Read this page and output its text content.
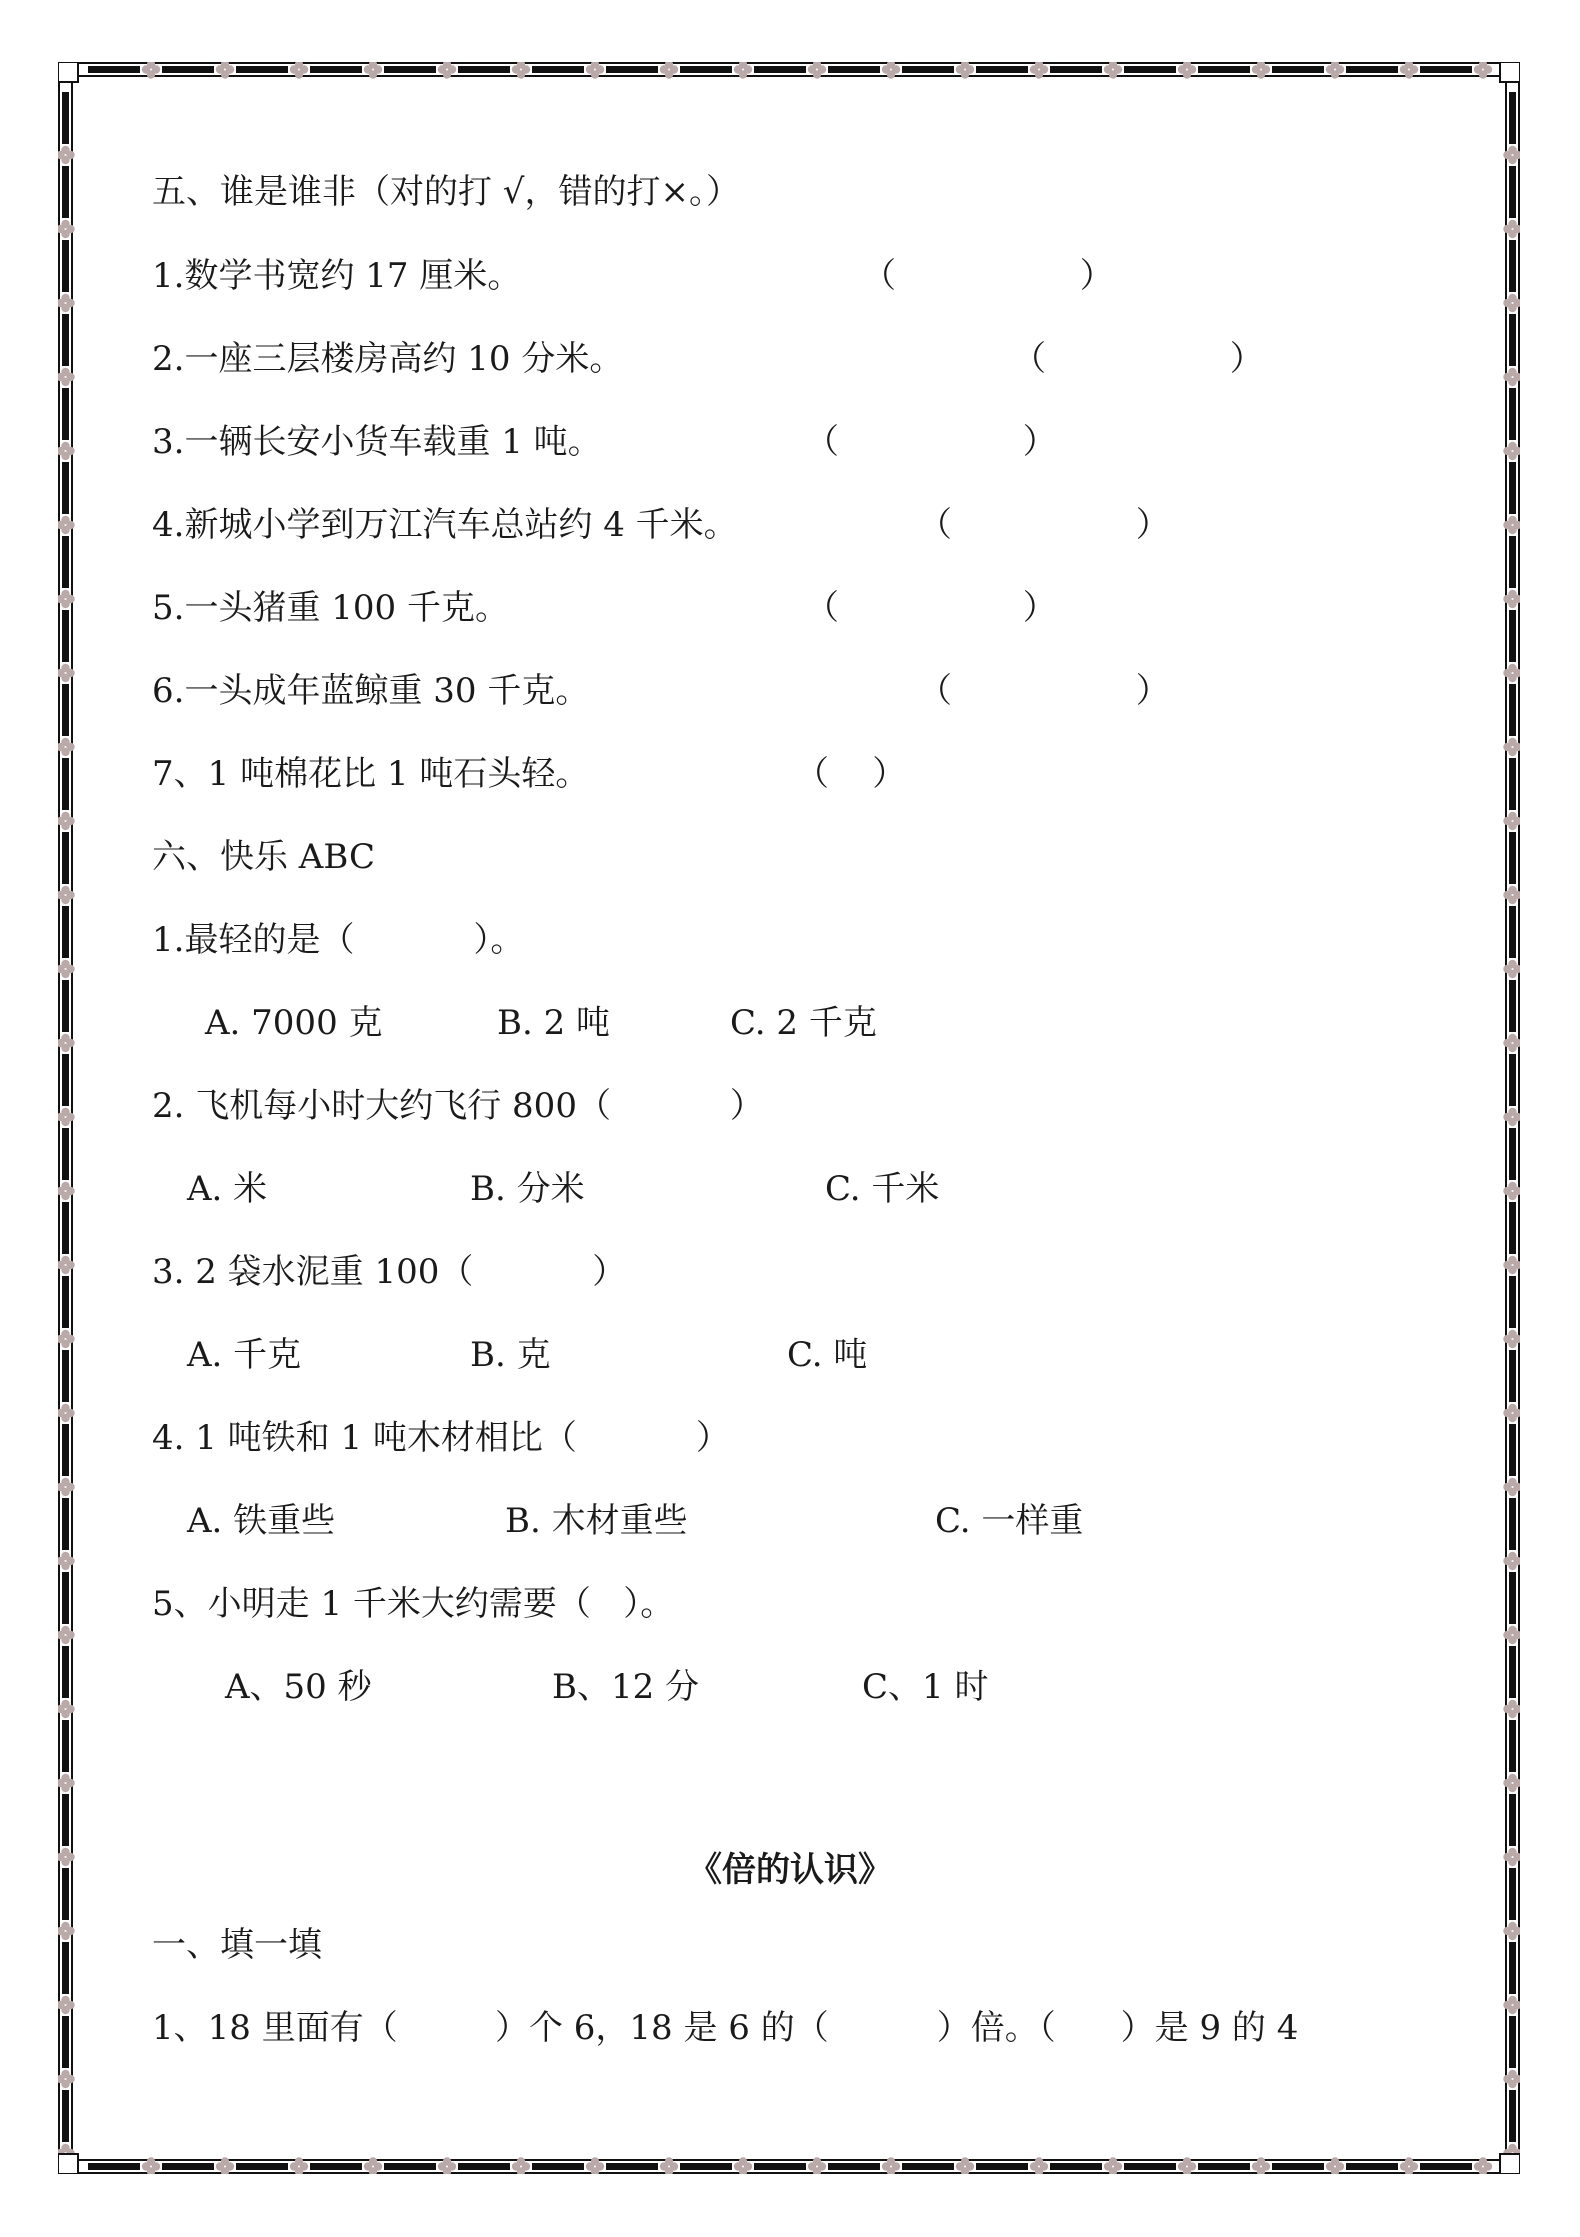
五、谁是谁非（对的打 √，错的打×。）
1.数学书宽约 17 厘米。	（                 ）
2.一座三层楼房高约 10 分米。	（                 ）
3.一辆长安小货车载重 1 吨。	（                 ）
4.新城小学到万江汽车总站约 4 千米。	（                 ）
5.一头猪重 100 千克。	（                 ）
6.一头成年蓝鲸重 30 千克。	（                 ）
7、1 吨棉花比 1 吨石头轻。	（    ）
六、快乐 ABC
1.最轻的是（           ）。
A. 7000 克	B. 2 吨	C. 2 千克
2. 飞机每小时大约飞行 800（           ）
A. 米	B. 分米	C. 千米
3. 2 袋水泥重 100（           ）
A. 千克	B. 克	C. 吨
4. 1 吨铁和 1 吨木材相比（           ）
A. 铁重些	B. 木材重些	C. 一样重
5、小明走 1 千米大约需要（   ）。
A、50 秒	B、12 分	C、1 时
《倍的认识》
一、填一填
1、18 里面有（         ）个 6，18 是 6 的（          ）倍。（      ）是 9 的 4
